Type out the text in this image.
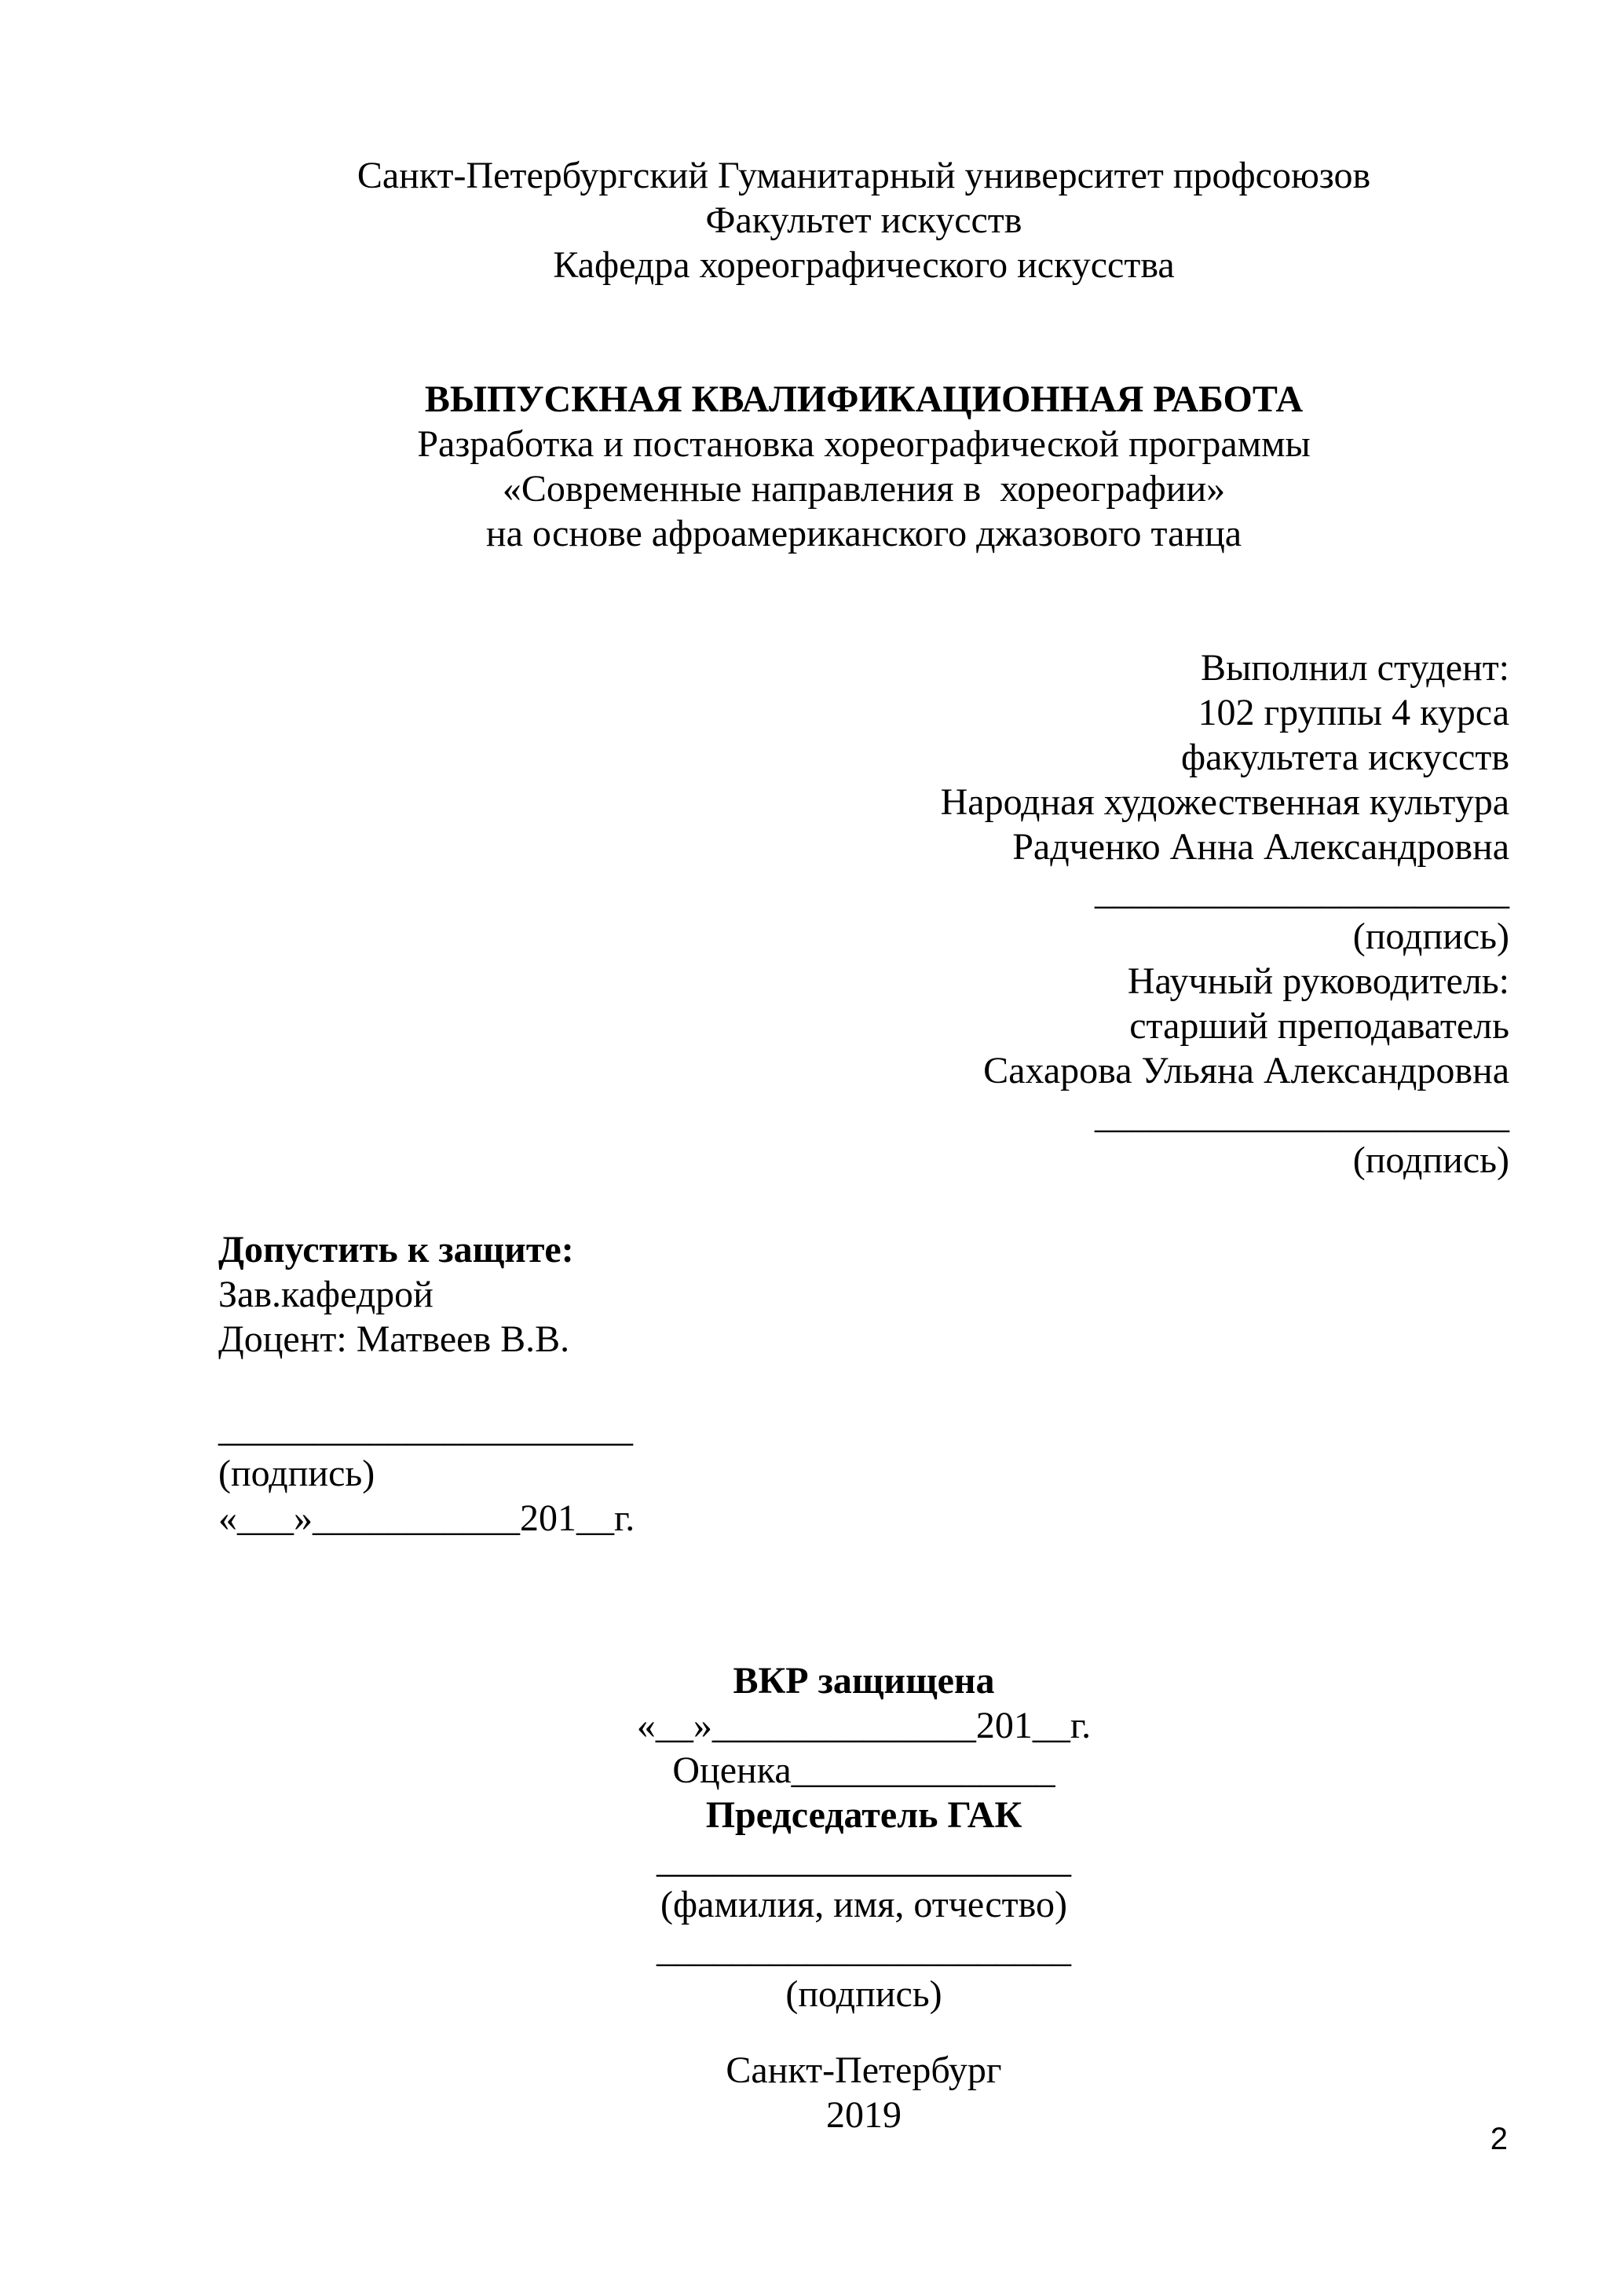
Санкт-Петербургский Гуманитарный университет профсоюзов
Факультет искусств
Кафедра хореографического искусства
ВЫПУСКНАЯ КВАЛИФИКАЦИОННАЯ РАБОТА
Разработка и постановка хореографической программы
«Современные направления в  хореографии»
на основе афроамериканского джазового танца
Выполнил студент:
102 группы 4 курса
факультета искусств
Народная художественная культура
Радченко Анна Александровна
______________________
(подпись)
Научный руководитель:
старший преподаватель
Сахарова Ульяна Александровна
______________________
(подпись)
Допустить к защите:
Зав.кафедрой
Доцент: Матвеев В.В.
______________________
(подпись)
«___»___________201__г.
ВКР защищена
«__»______________201__г.
Оценка______________
Председатель ГАК
______________________
(фамилия, имя, отчество)
______________________
(подпись)
Санкт-Петербург
2019
2
